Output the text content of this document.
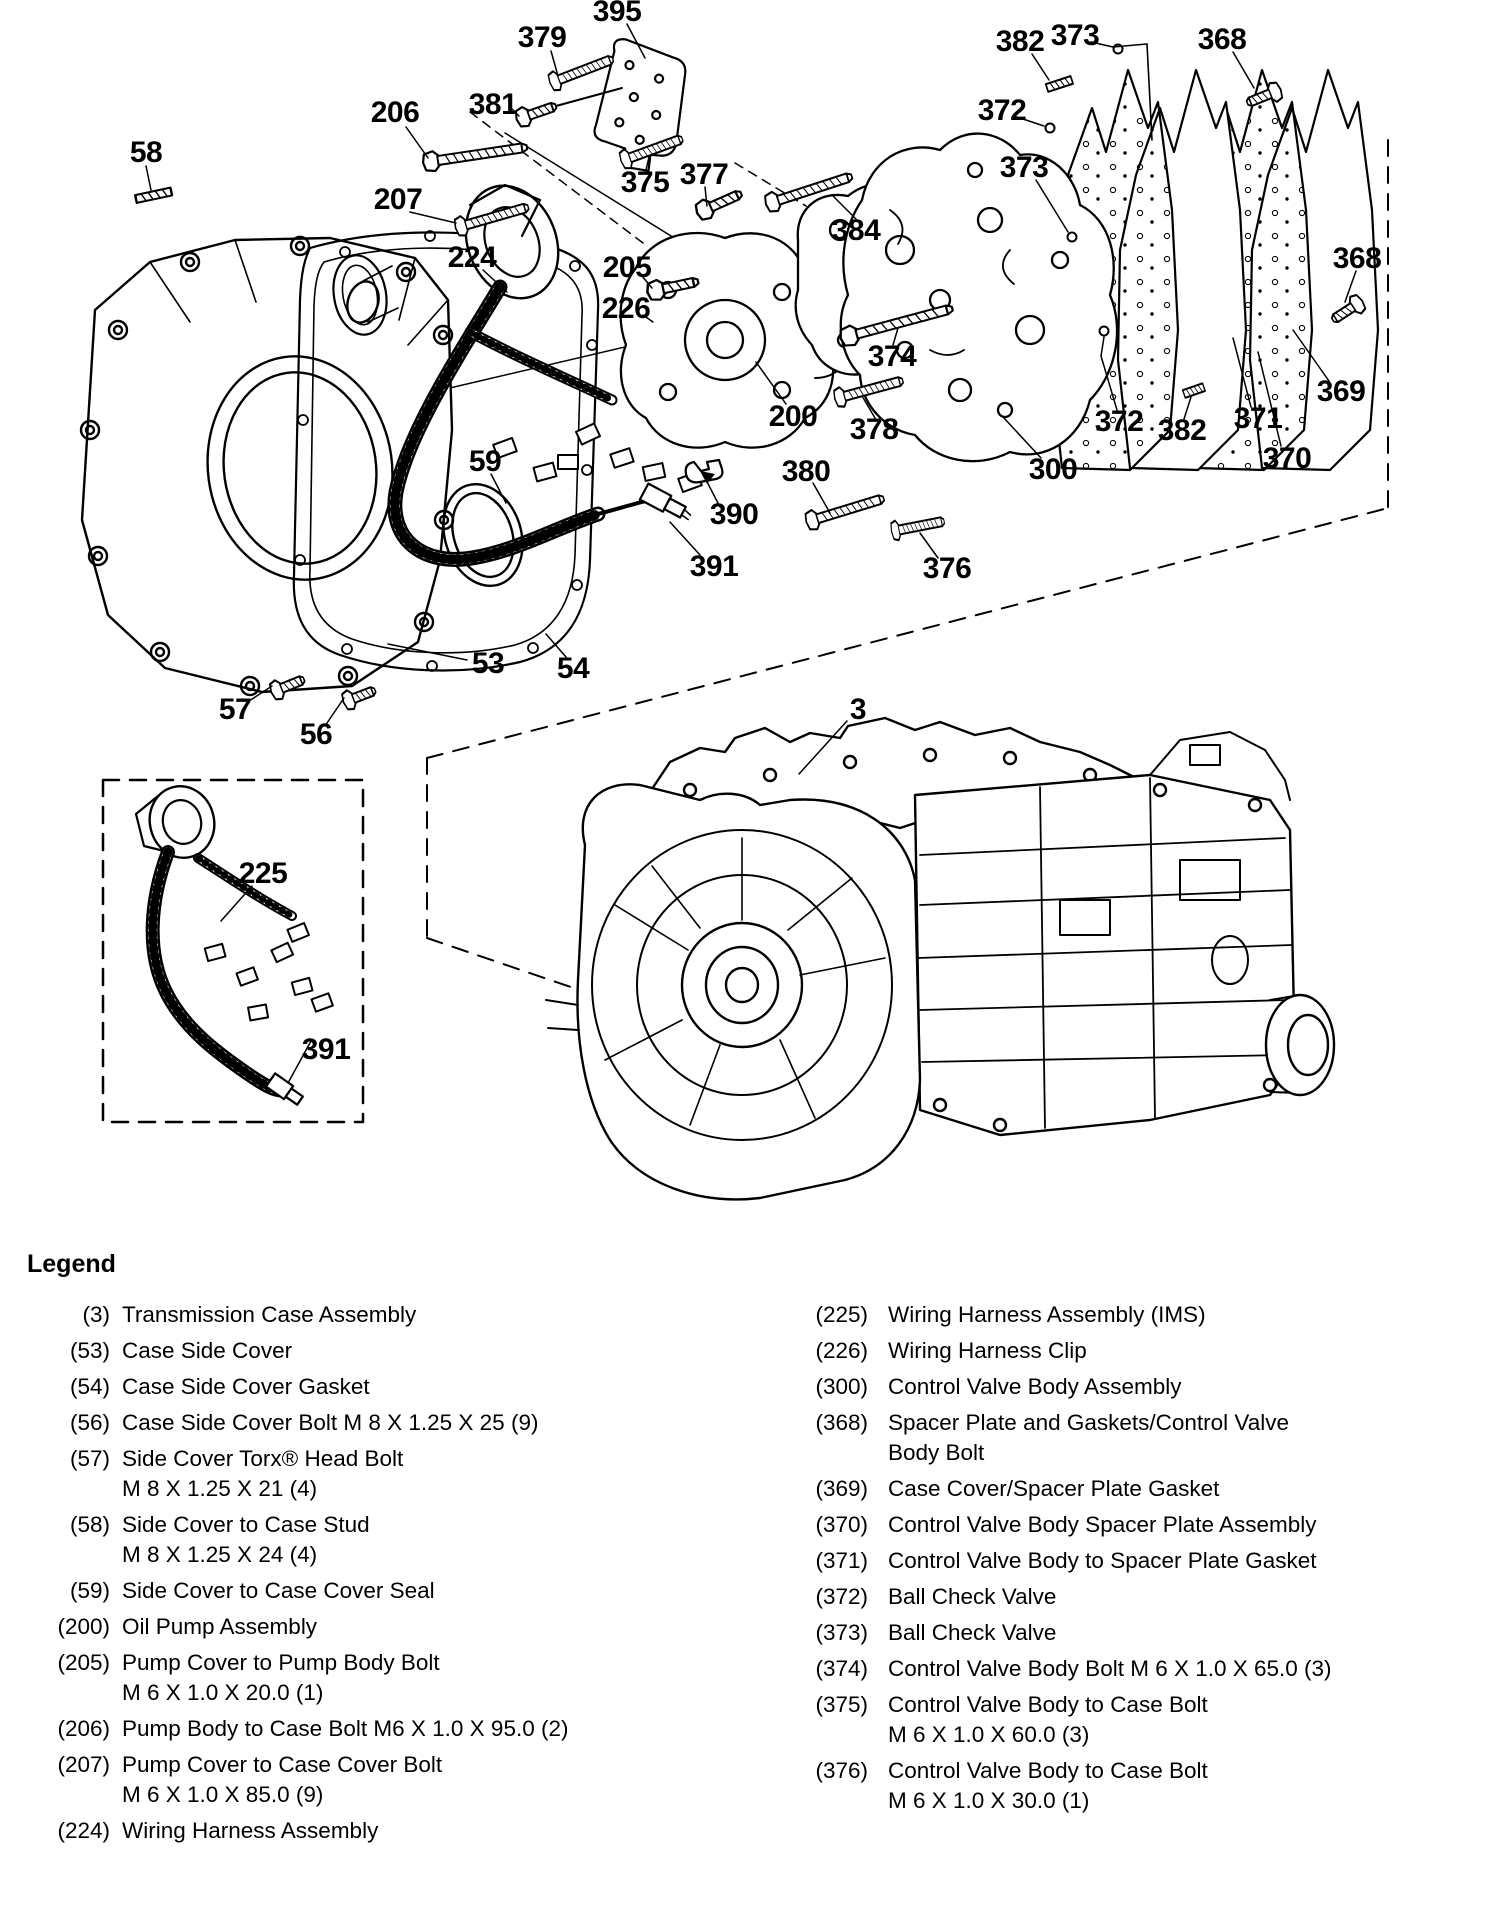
58
206
207
224
395
379
381
375 377
205
226
200
384
374
378
380
390
391	376
59
53 54
57
56
382 373	368
372
373
368
369
300
372 382 371
370
3
225
391
Legend
(3) Transmission Case Assembly
(53) Case Side Cover
(54) Case Side Cover Gasket
(56) Case Side Cover Bolt M 8 X 1.25 X 25 (9)
(57) Side Cover Torx® Head Bolt
M 8 X 1.25 X 21 (4)
(58) Side Cover to Case Stud
M 8 X 1.25 X 24 (4)
(59) Side Cover to Case Cover Seal
(200) Oil Pump Assembly
(205) Pump Cover to Pump Body Bolt
M 6 X 1.0 X 20.0 (1)
(206) Pump Body to Case Bolt M6 X 1.0 X 95.0 (2)
(207) Pump Cover to Case Cover Bolt
M 6 X 1.0 X 85.0 (9)
(224) Wiring Harness Assembly
(225) Wiring Harness Assembly (IMS)
(226) Wiring Harness Clip
(300) Control Valve Body Assembly
(368) Spacer Plate and Gaskets/Control Valve
Body Bolt
(369) Case Cover/Spacer Plate Gasket
(370) Control Valve Body Spacer Plate Assembly
(371) Control Valve Body to Spacer Plate Gasket
(372) Ball Check Valve
(373) Ball Check Valve
(374) Control Valve Body Bolt M 6 X 1.0 X 65.0 (3)
(375) Control Valve Body to Case Bolt
M 6 X 1.0 X 60.0 (3)
(376) Control Valve Body to Case Bolt
M 6 X 1.0 X 30.0 (1)
